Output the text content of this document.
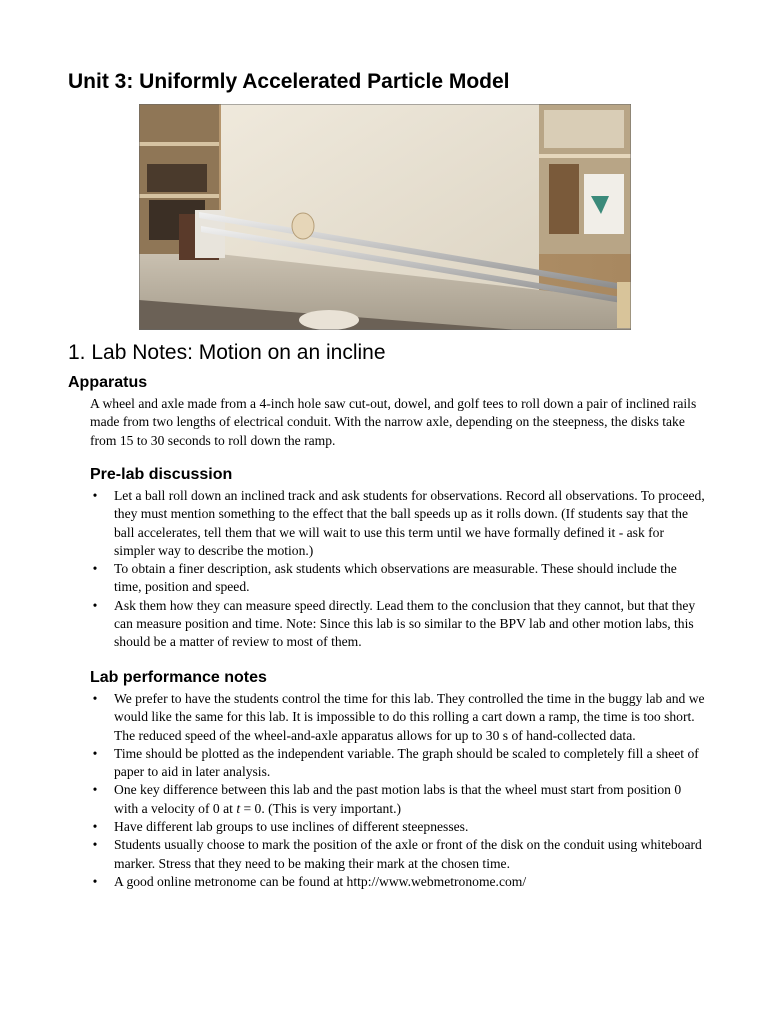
Unit 3: Uniformly Accelerated Particle Model
1. Lab Notes: Motion on an incline
Apparatus

A wheel and axle made from a 4-inch hole saw cut-out, dowel, and golf tees to roll down a pair of inclined rails made from two lengths of electrical conduit. With the narrow axle, depending on the steepness, the disks take from 15 to 30 seconds to roll down the ramp.

Pre-lab discussion
• Let a ball roll down an inclined track and ask students for observations. Record all observations. To proceed, they must mention something to the effect that the ball speeds up as it rolls down. (If students say that the ball accelerates, tell them that we will wait to use this term until we have formally defined it - ask for simpler way to describe the motion.)
• To obtain a finer description, ask students which observations are measurable. These should include the time, position and speed.
• Ask them how they can measure speed directly. Lead them to the conclusion that they cannot, but that they can measure position and time. Note: Since this lab is so similar to the BPV lab and other motion labs, this should be a matter of review to most of them.
Lab performance notes
• We prefer to have the students control the time for this lab. They controlled the time in the buggy lab and we would like the same for this lab. It is impossible to do this rolling a cart down a ramp, the time is too short. The reduced speed of the wheel-and-axle apparatus allows for up to 30 s of hand-collected data.
• Time should be plotted as the independent variable. The graph should be scaled to completely fill a sheet of paper to aid in later analysis.
• One key difference between this lab and the past motion labs is that the wheel must start from position 0 with a velocity of 0 at t = 0. (This is very important.)
• Have different lab groups to use inclines of different steepnesses.
• Students usually choose to mark the position of the axle or front of the disk on the conduit using whiteboard marker. Stress that they need to be making their mark at the chosen time.
• A good online metronome can be found at http://www.webmetronome.com/
